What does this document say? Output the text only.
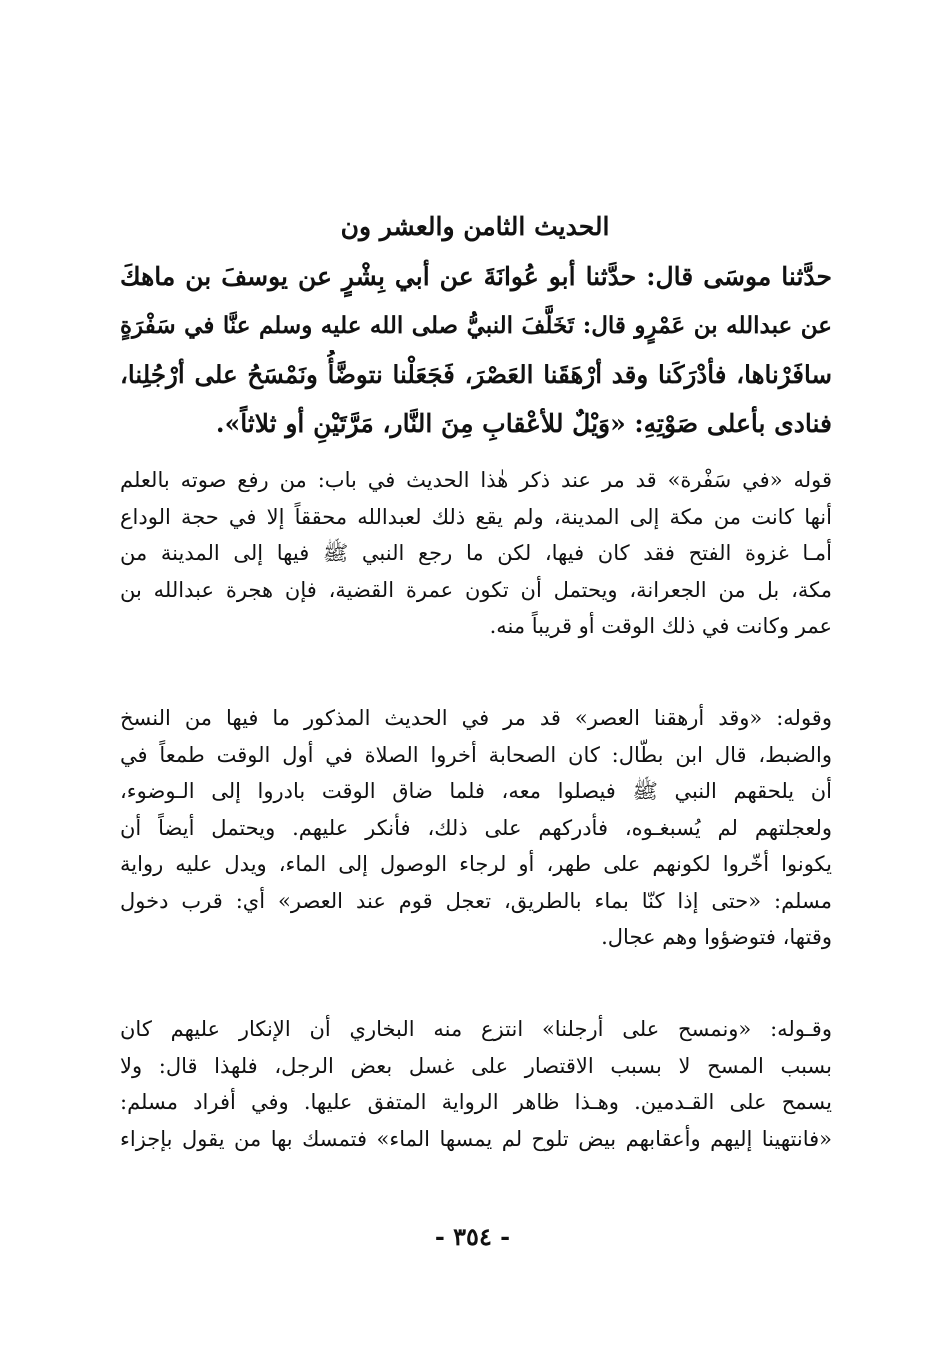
الحديث الثامن والعشر ون
حدَّثنا موسَى قال: حدَّثنا أبو عُوانَةَ عن أبي بِشْرٍ عن يوسفَ بن ماهكَ
عن عبدالله بن عَمْرٍو قال: تَخَلَّفَ النبيُّ صلى الله عليه وسلم عنَّا في سَفْرَةٍ
سافَرْناها، فأدْرَكَنا وقد أرْهَقَنا العَصْرَ، فَجَعَلْنا نتوضَّأُ ونَمْسَحُ على أرْجُلِنا،
فنادى بأعلى صَوْتِهِ: «وَيْلٌ للأعْقابِ مِنَ النَّار، مَرَّتَيْنِ أو ثلاثاً».
قوله «في سَفْرة» قد مر عند ذكر هٰذا الحديث في باب: من رفع صوته بالعلم
أنها كانت من مكة إلى المدينة، ولم يقع ذلك لعبدالله محققاً إلا في حجة الوداع
أمـا غزوة الفتح فقد كان فيها، لكن ما رجع النبي ﷺ فيها إلى المدينة من
مكة، بل من الجعرانة، ويحتمل أن تكون عمرة القضية، فإن هجرة عبدالله بن
عمر وكانت في ذلك الوقت أو قريباً منه.
وقوله: «وقد أرهقنا العصر» قد مر في الحديث المذكور ما فيها من النسخ
والضبط، قال ابن بطّال: كان الصحابة أخروا الصلاة في أول الوقت طمعاً في
أن يلحقهم النبي ﷺ فيصلوا معه، فلما ضاق الوقت بادروا إلى الـوضوء،
ولعجلتهم لم يُسبغـوه، فأدركهم على ذلك، فأنكر عليهم. ويحتمل أيضاً أن
يكونوا أخّروا لكونهم على طهر، أو لرجاء الوصول إلى الماء، ويدل عليه رواية
مسلم: «حتى إذا كنّا بماء بالطريق، تعجل قوم عند العصر» أي: قرب دخول
وقتها، فتوضؤوا وهم عجال.
وقـوله: «ونمسح على أرجلنا» انتزع منه البخاري أن الإنكار عليهم كان
بسبب المسح لا بسبب الاقتصار على غسل بعض الرجل، فلهذا قال: ولا
يسمح على القـدمين. وهـذا ظاهر الرواية المتفق عليها. وفي أفراد مسلم:
«فانتهينا إليهم وأعقابهم بيض تلوح لم يمسها الماء» فتمسك بها من يقول بإجزاء
- ٣٥٤ -
